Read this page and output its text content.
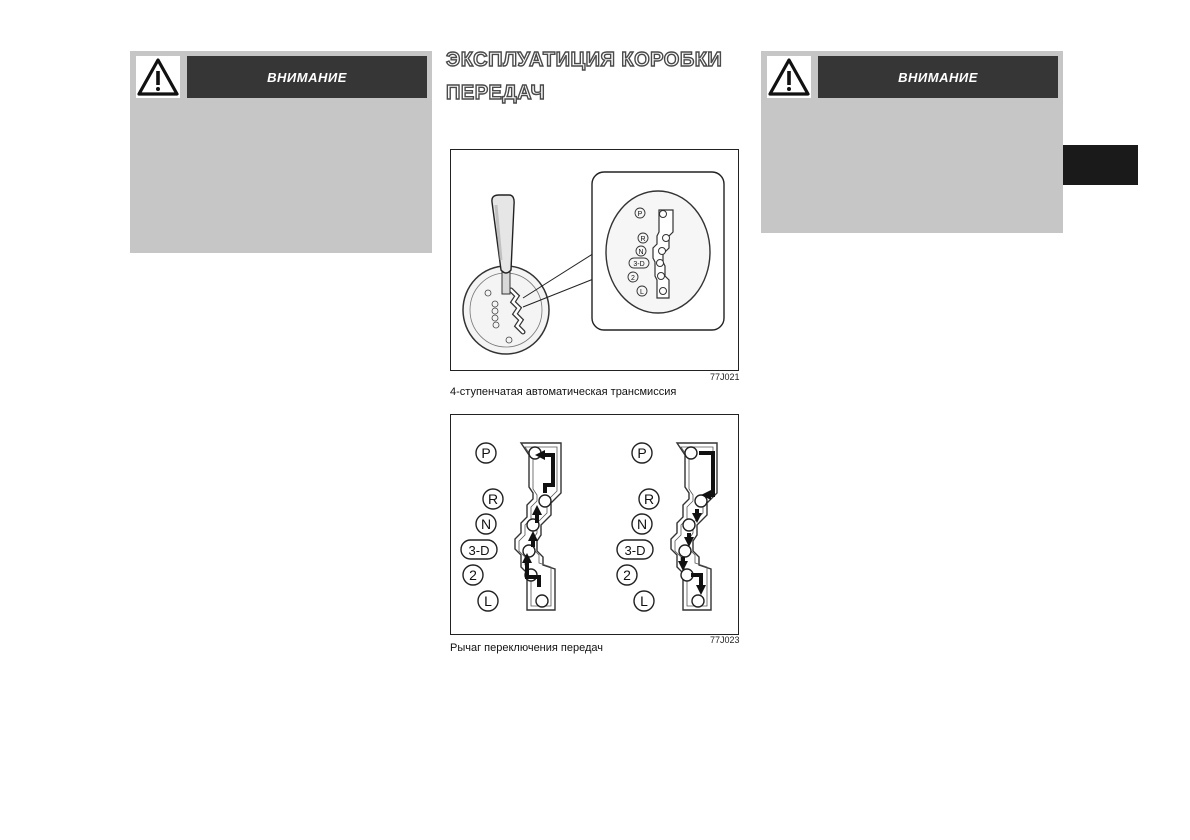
ВНИМАНИЕ
ЭКСПЛУАТИЦИЯ КОРОБКИ
ПЕРЕДАЧ
ВНИМАНИЕ
P
R
N
3-D
2
L
77J021
4-ступенчатая автоматическая трансмиссия
P
R
N
3-D
2
L
P
R
N
3-D
2
L
77J023
Рычаг переключения передач
